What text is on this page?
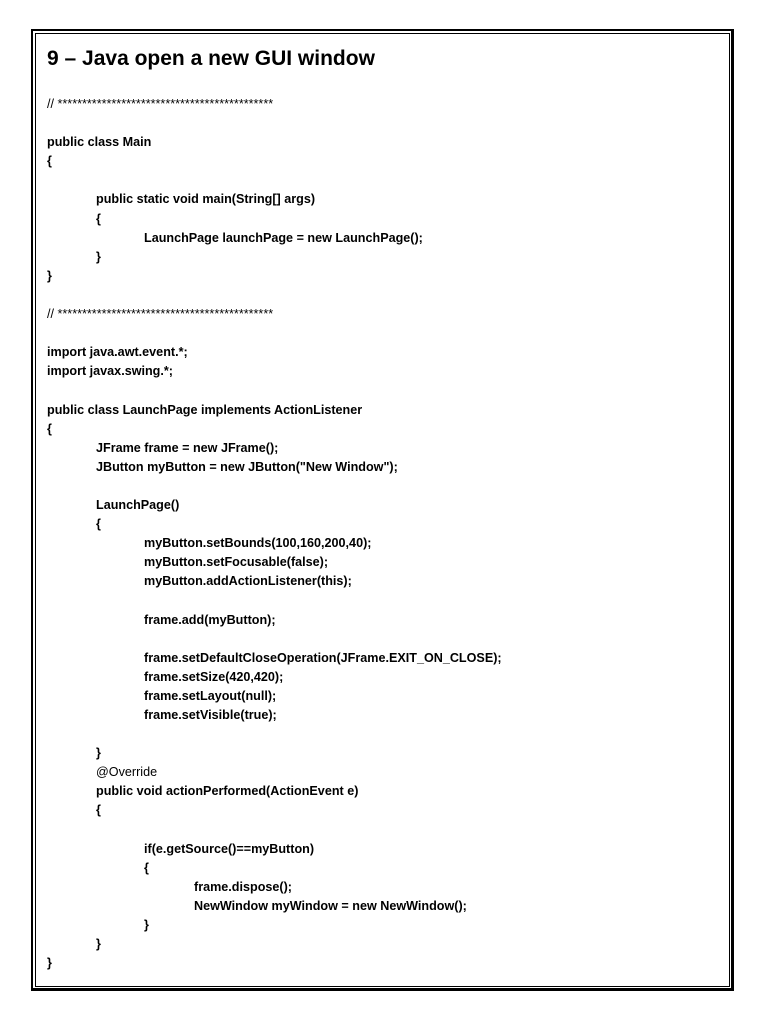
9 – Java open a new GUI window
// ********************************************
public class Main
{
public static void main(String[] args)
{
LaunchPage launchPage = new LaunchPage();
}
}
// ********************************************
import java.awt.event.*;
import javax.swing.*;
public class LaunchPage implements ActionListener
{
JFrame frame = new JFrame();
JButton myButton = new JButton("New Window");
LaunchPage()
{
myButton.setBounds(100,160,200,40);
myButton.setFocusable(false);
myButton.addActionListener(this);
frame.add(myButton);
frame.setDefaultCloseOperation(JFrame.EXIT_ON_CLOSE);
frame.setSize(420,420);
frame.setLayout(null);
frame.setVisible(true);
}
@Override
public void actionPerformed(ActionEvent e)
{
if(e.getSource()==myButton)
{
frame.dispose();
NewWindow myWindow = new NewWindow();
}
}
}
